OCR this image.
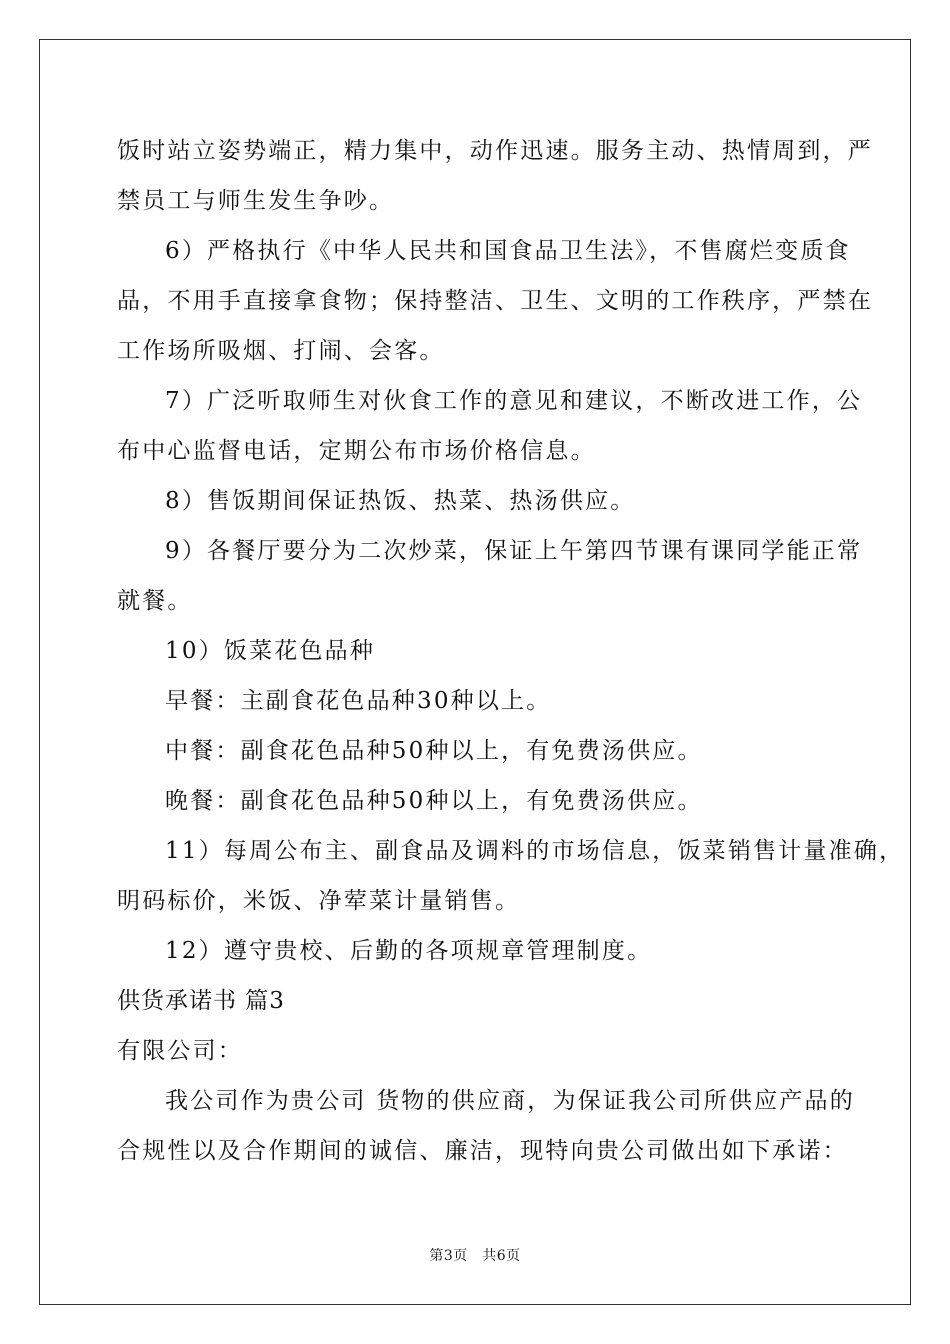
饭时站立姿势端正，精力集中，动作迅速。服务主动、热情周到，严
禁员工与师生发生争吵。
6）严格执行《中华人民共和国食品卫生法》，不售腐烂变质食
品，不用手直接拿食物；保持整洁、卫生、文明的工作秩序，严禁在
工作场所吸烟、打闹、会客。
7）广泛听取师生对伙食工作的意见和建议，不断改进工作，公
布中心监督电话，定期公布市场价格信息。
8）售饭期间保证热饭、热菜、热汤供应。
9）各餐厅要分为二次炒菜，保证上午第四节课有课同学能正常
就餐。
10）饭菜花色品种
早餐：主副食花色品种30种以上。
中餐：副食花色品种50种以上，有免费汤供应。
晚餐：副食花色品种50种以上，有免费汤供应。
11）每周公布主、副食品及调料的市场信息，饭菜销售计量准确，
明码标价，米饭、净荤菜计量销售。
12）遵守贵校、后勤的各项规章管理制度。
供货承诺书 篇3
有限公司：
我公司作为贵公司 货物的供应商，为保证我公司所供应产品的
合规性以及合作期间的诚信、廉洁，现特向贵公司做出如下承诺：
第3页　共6页
